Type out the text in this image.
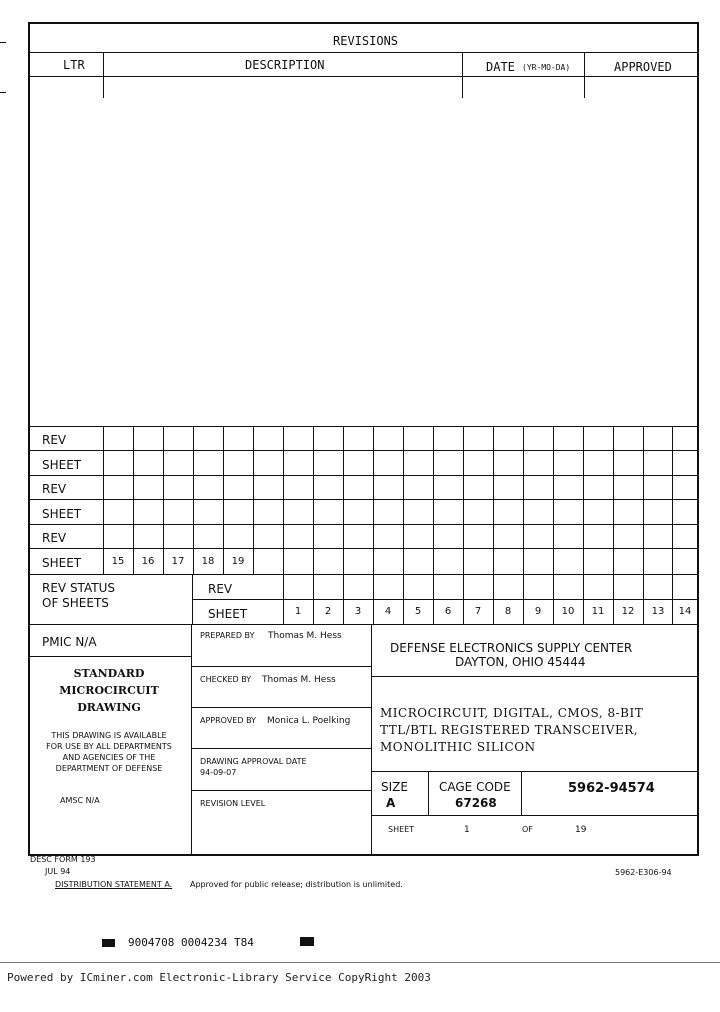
REVISIONS
LTR	DESCRIPTION	DATE (YR-MO-DA)	APPROVED
REV
SHEET
REV
SHEET
REV
SHEET	15	16	17	18	19
REV STATUS
OF SHEETS
REV
SHEET	1	2	3	4	5	6	7	8	9	10	11	12	13	14
PMIC N/A
STANDARD
MICROCIRCUIT
DRAWING
THIS DRAWING IS AVAILABLE
FOR USE BY ALL DEPARTMENTS
AND AGENCIES OF THE
DEPARTMENT OF DEFENSE
AMSC N/A
PREPARED BY Thomas M. Hess
CHECKED BY Thomas M. Hess
APPROVED BY Monica L. Poelking
DRAWING APPROVAL DATE
94-09-07
REVISION LEVEL
DEFENSE ELECTRONICS SUPPLY CENTER
DAYTON, OHIO 45444
MICROCIRCUIT, DIGITAL, CMOS, 8-BIT
TTL/BTL REGISTERED TRANSCEIVER,
MONOLITHIC SILICON
SIZE
A
CAGE CODE
67268
5962-94574
SHEET	1	OF	19
DESC FORM 193
JUL 94
DISTRIBUTION STATEMENT A. Approved for public release; distribution is unlimited.
5962-E306-94
9004708 0004234 T84
Powered by ICminer.com Electronic-Library Service CopyRight 2003
